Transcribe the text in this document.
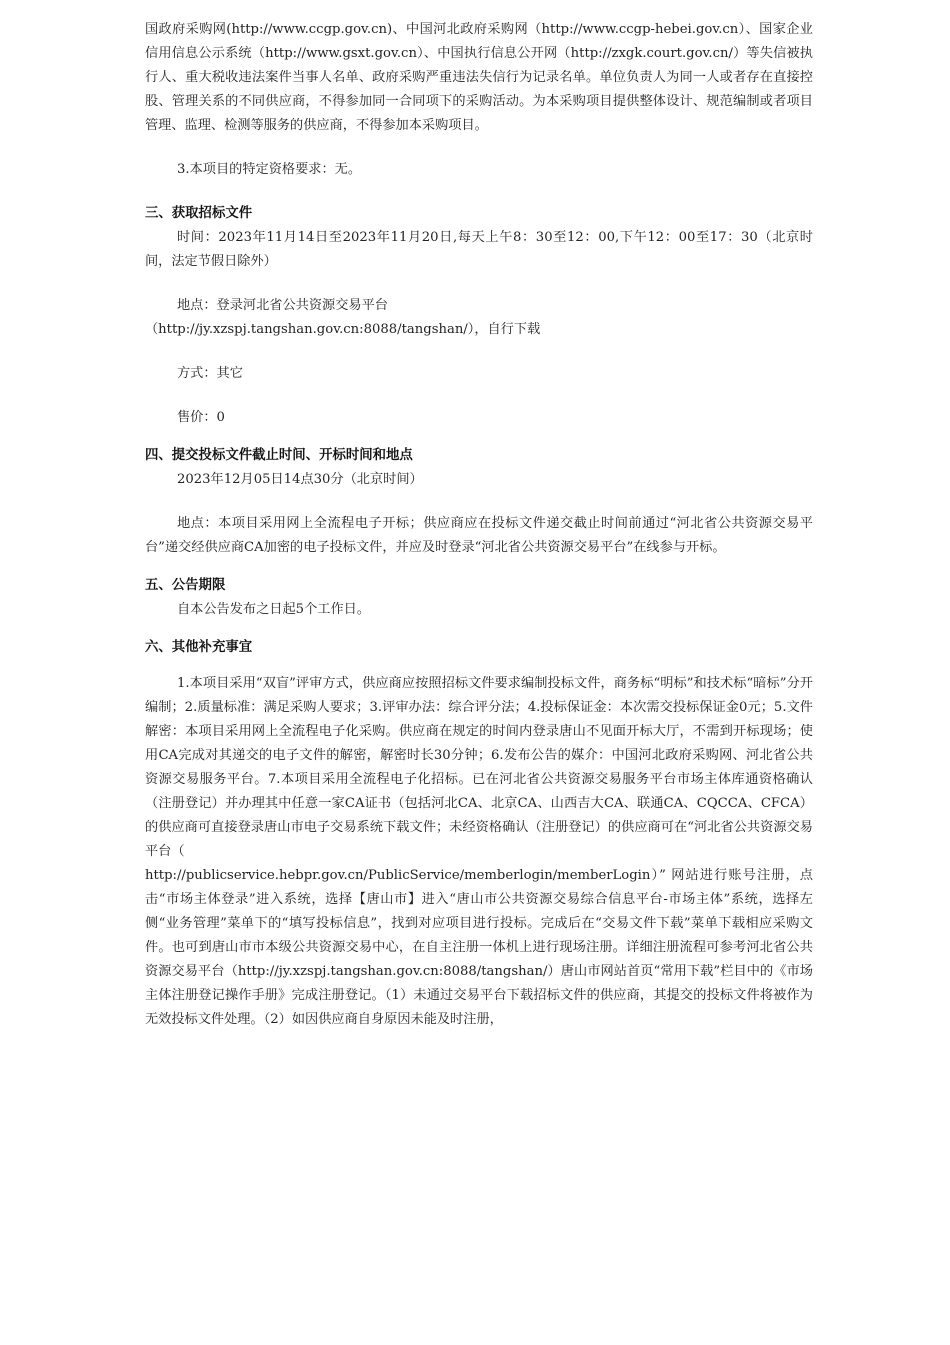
国政府采购网(http://www.ccgp.gov.cn)、中国河北政府采购网（http://www.ccgp-hebei.gov.cn）、国家企业信用信息公示系统（http://www.gsxt.gov.cn）、中国执行信息公开网（http://zxgk.court.gov.cn/）等失信被执行人、重大税收违法案件当事人名单、政府采购严重违法失信行为记录名单。单位负责人为同一人或者存在直接控股、管理关系的不同供应商，不得参加同一合同项下的采购活动。为本采购项目提供整体设计、规范编制或者项目管理、监理、检测等服务的供应商，不得参加本采购项目。

3.本项目的特定资格要求：无。

三、获取招标文件

时间：2023年11月14日至2023年11月20日,每天上午8：30至12：00,下午12：00至17：30（北京时间，法定节假日除外）

地点：登录河北省公共资源交易平台

（http://jy.xzspj.tangshan.gov.cn:8088/tangshan/），自行下载

方式：其它

售价：0

四、提交投标文件截止时间、开标时间和地点

2023年12月05日14点30分（北京时间）

地点：本项目采用网上全流程电子开标；供应商应在投标文件递交截止时间前通过“河北省公共资源交易平台”递交经供应商CA加密的电子投标文件，并应及时登录“河北省公共资源交易平台”在线参与开标。

五、公告期限

自本公告发布之日起5个工作日。

六、其他补充事宜

1.本项目采用“双盲”评审方式，供应商应按照招标文件要求编制投标文件，商务标“明标”和技术标“暗标”分开编制；2.质量标准：满足采购人要求；3.评审办法：综合评分法；4.投标保证金：本次需交投标保证金0元；5.文件解密：本项目采用网上全流程电子化采购。供应商在规定的时间内登录唐山不见面开标大厅，不需到开标现场；使用CA完成对其递交的电子文件的解密，解密时长30分钟；6.发布公告的媒介：中国河北政府采购网、河北省公共资源交易服务平台。7.本项目采用全流程电子化招标。已在河北省公共资源交易服务平台市场主体库通资格确认（注册登记）并办理其中任意一家CA证书（包括河北CA、北京CA、山西吉大CA、联通CA、CQCCA、CFCA）的供应商可直接登录唐山市电子交易系统下载文件；未经资格确认（注册登记）的供应商可在“河北省公共资源交易平台（

http://publicservice.hebpr.gov.cn/PublicService/memberlogin/memberLogin）” 网站进行账号注册，点击“市场主体登录”进入系统，选择【唐山市】进入“唐山市公共资源交易综合信息平台-市场主体”系统，选择左侧“业务管理”菜单下的“填写投标信息”，找到对应项目进行投标。完成后在“交易文件下载”菜单下载相应采购文件。也可到唐山市市本级公共资源交易中心，在自主注册一体机上进行现场注册。详细注册流程可参考河北省公共资源交易平台（http://jy.xzspj.tangshan.gov.cn:8088/tangshan/）唐山市网站首页“常用下载”栏目中的《市场主体注册登记操作手册》完成注册登记。（1）未通过交易平台下载招标文件的供应商，其提交的投标文件将被作为无效投标文件处理。（2）如因供应商自身原因未能及时注册，
